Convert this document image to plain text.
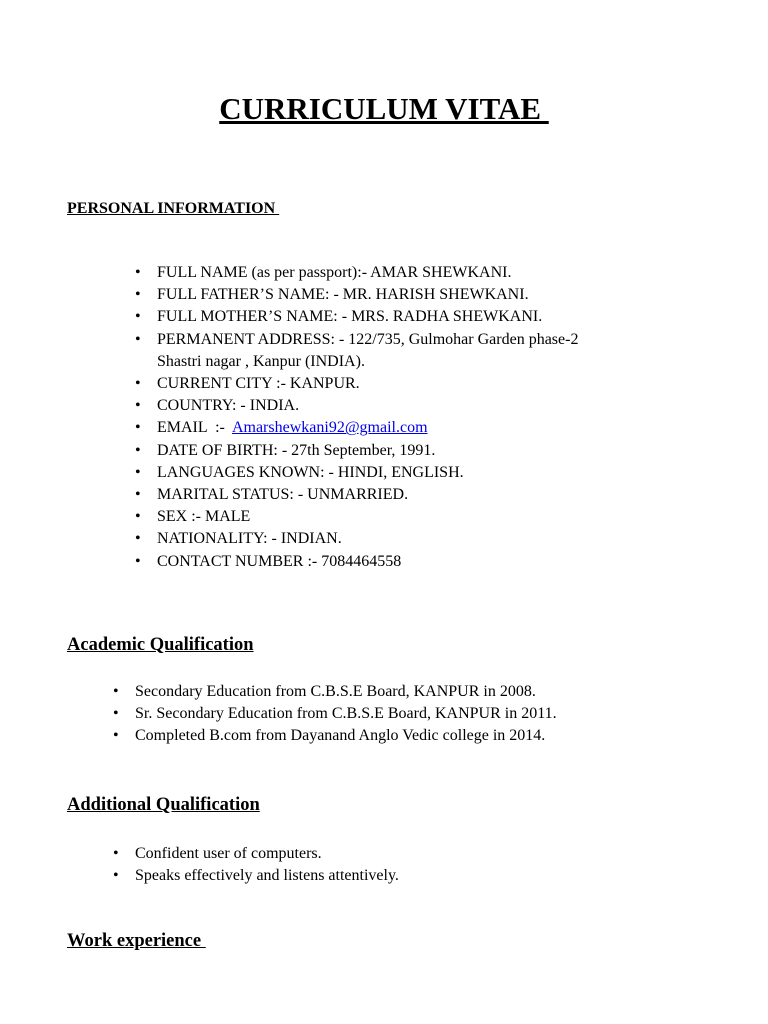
CURRICULUM VITAE
PERSONAL INFORMATION
• FULL NAME (as per passport):- AMAR SHEWKANI.
• FULL FATHER’S NAME: - MR. HARISH SHEWKANI.
• FULL MOTHER’S NAME: - MRS. RADHA SHEWKANI.
• PERMANENT ADDRESS: - 122/735, Gulmohar Garden phase-2
Shastri nagar , Kanpur (INDIA).
• CURRENT CITY :- KANPUR.
• COUNTRY: - INDIA.
• EMAIL  :-  Amarshewkani92@gmail.com
• DATE OF BIRTH: - 27th September, 1991.
• LANGUAGES KNOWN: - HINDI, ENGLISH.
• MARITAL STATUS: - UNMARRIED.
• SEX :- MALE
• NATIONALITY: - INDIAN.
• CONTACT NUMBER :- 7084464558
Academic Qualification
• Secondary Education from C.B.S.E Board, KANPUR in 2008.
• Sr. Secondary Education from C.B.S.E Board, KANPUR in 2011.
• Completed B.com from Dayanand Anglo Vedic college in 2014.
Additional Qualification
• Confident user of computers.
• Speaks effectively and listens attentively.
Work experience
